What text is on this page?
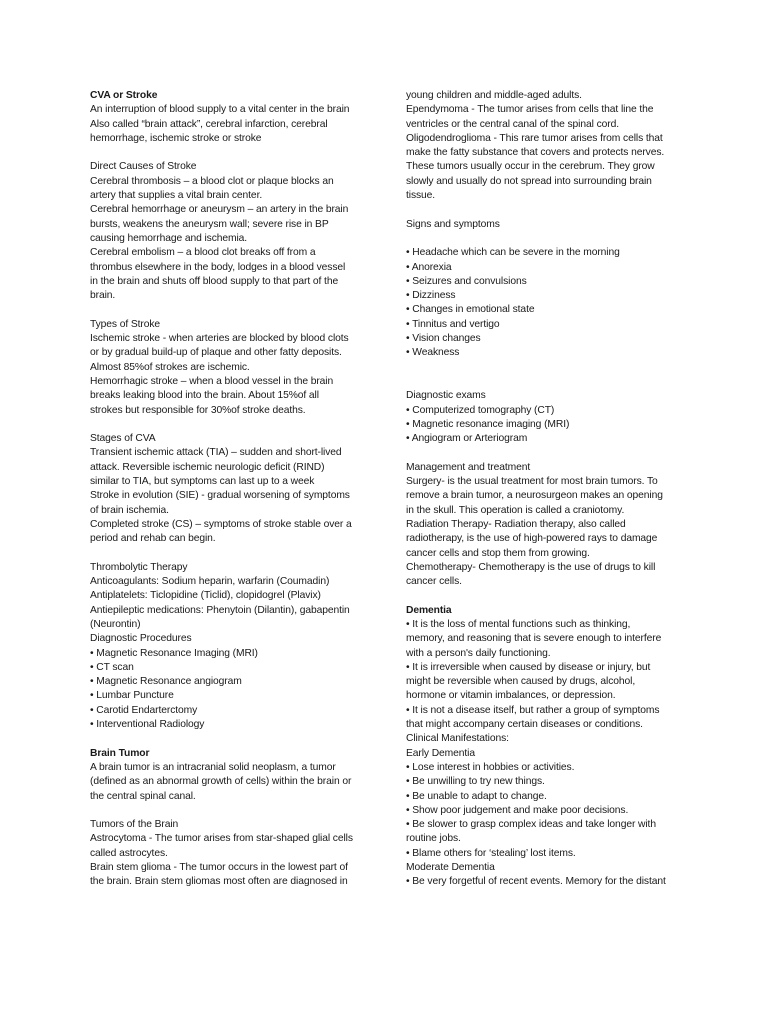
CVA or Stroke
An interruption of blood supply to a vital center in the brain
Also called “brain attack”, cerebral infarction, cerebral
hemorrhage, ischemic stroke or stroke
Direct Causes of Stroke
Cerebral thrombosis – a blood clot or plaque blocks an
artery that supplies a vital brain center.
Cerebral hemorrhage or aneurysm – an artery in the brain
bursts, weakens the aneurysm wall; severe rise in BP
causing hemorrhage and ischemia.
Cerebral embolism – a blood clot breaks off from a
thrombus elsewhere in the body, lodges in a blood vessel
in the brain and shuts off blood supply to that part of the
brain.
Types of Stroke
Ischemic stroke - when arteries are blocked by blood clots
or by gradual build-up of plaque and other fatty deposits.
Almost 85%of strokes are ischemic.
Hemorrhagic stroke – when a blood vessel in the brain
breaks leaking blood into the brain. About 15%of all
strokes but responsible for 30%of stroke deaths.
Stages of CVA
Transient ischemic attack (TIA) – sudden and short-lived
attack. Reversible ischemic neurologic deficit (RIND)
similar to TIA, but symptoms can last up to a week
Stroke in evolution (SIE) - gradual worsening of symptoms
of brain ischemia.
Completed stroke (CS) – symptoms of stroke stable over a
period and rehab can begin.
Thrombolytic Therapy
Anticoagulants: Sodium heparin, warfarin (Coumadin)
Antiplatelets: Ticlopidine (Ticlid), clopidogrel (Plavix)
Antiepileptic medications: Phenytoin (Dilantin), gabapentin
(Neurontin)
Diagnostic Procedures
• Magnetic Resonance Imaging (MRI)
• CT scan
• Magnetic Resonance angiogram
• Lumbar Puncture
• Carotid Endarterctomy
• Interventional Radiology
Brain Tumor
A brain tumor is an intracranial solid neoplasm, a tumor
(defined as an abnormal growth of cells) within the brain or
the central spinal canal.
Tumors of the Brain
Astrocytoma - The tumor arises from star-shaped glial cells
called astrocytes.
Brain stem glioma - The tumor occurs in the lowest part of
the brain. Brain stem gliomas most often are diagnosed in
young children and middle-aged adults.
Ependymoma - The tumor arises from cells that line the
ventricles or the central canal of the spinal cord.
Oligodendroglioma - This rare tumor arises from cells that
make the fatty substance that covers and protects nerves.
These tumors usually occur in the cerebrum. They grow
slowly and usually do not spread into surrounding brain
tissue.
Signs and symptoms
• Headache which can be severe in the morning
• Anorexia
• Seizures and convulsions
• Dizziness
• Changes in emotional state
• Tinnitus and vertigo
• Vision changes
• Weakness
Diagnostic exams
• Computerized tomography (CT)
• Magnetic resonance imaging (MRI)
• Angiogram or Arteriogram
Management and treatment
Surgery- is the usual treatment for most brain tumors. To
remove a brain tumor, a neurosurgeon makes an opening
in the skull. This operation is called a craniotomy.
Radiation Therapy- Radiation therapy, also called
radiotherapy, is the use of high-powered rays to damage
cancer cells and stop them from growing.
Chemotherapy- Chemotherapy is the use of drugs to kill
cancer cells.
Dementia
• It is the loss of mental functions such as thinking,
memory, and reasoning that is severe enough to interfere
with a person's daily functioning.
• It is irreversible when caused by disease or injury, but
might be reversible when caused by drugs, alcohol,
hormone or vitamin imbalances, or depression.
• It is not a disease itself, but rather a group of symptoms
that might accompany certain diseases or conditions.
Clinical Manifestations:
Early Dementia
• Lose interest in hobbies or activities.
• Be unwilling to try new things.
• Be unable to adapt to change.
• Show poor judgement and make poor decisions.
• Be slower to grasp complex ideas and take longer with
routine jobs.
• Blame others for ‘stealing’ lost items.
Moderate Dementia
• Be very forgetful of recent events. Memory for the distant
